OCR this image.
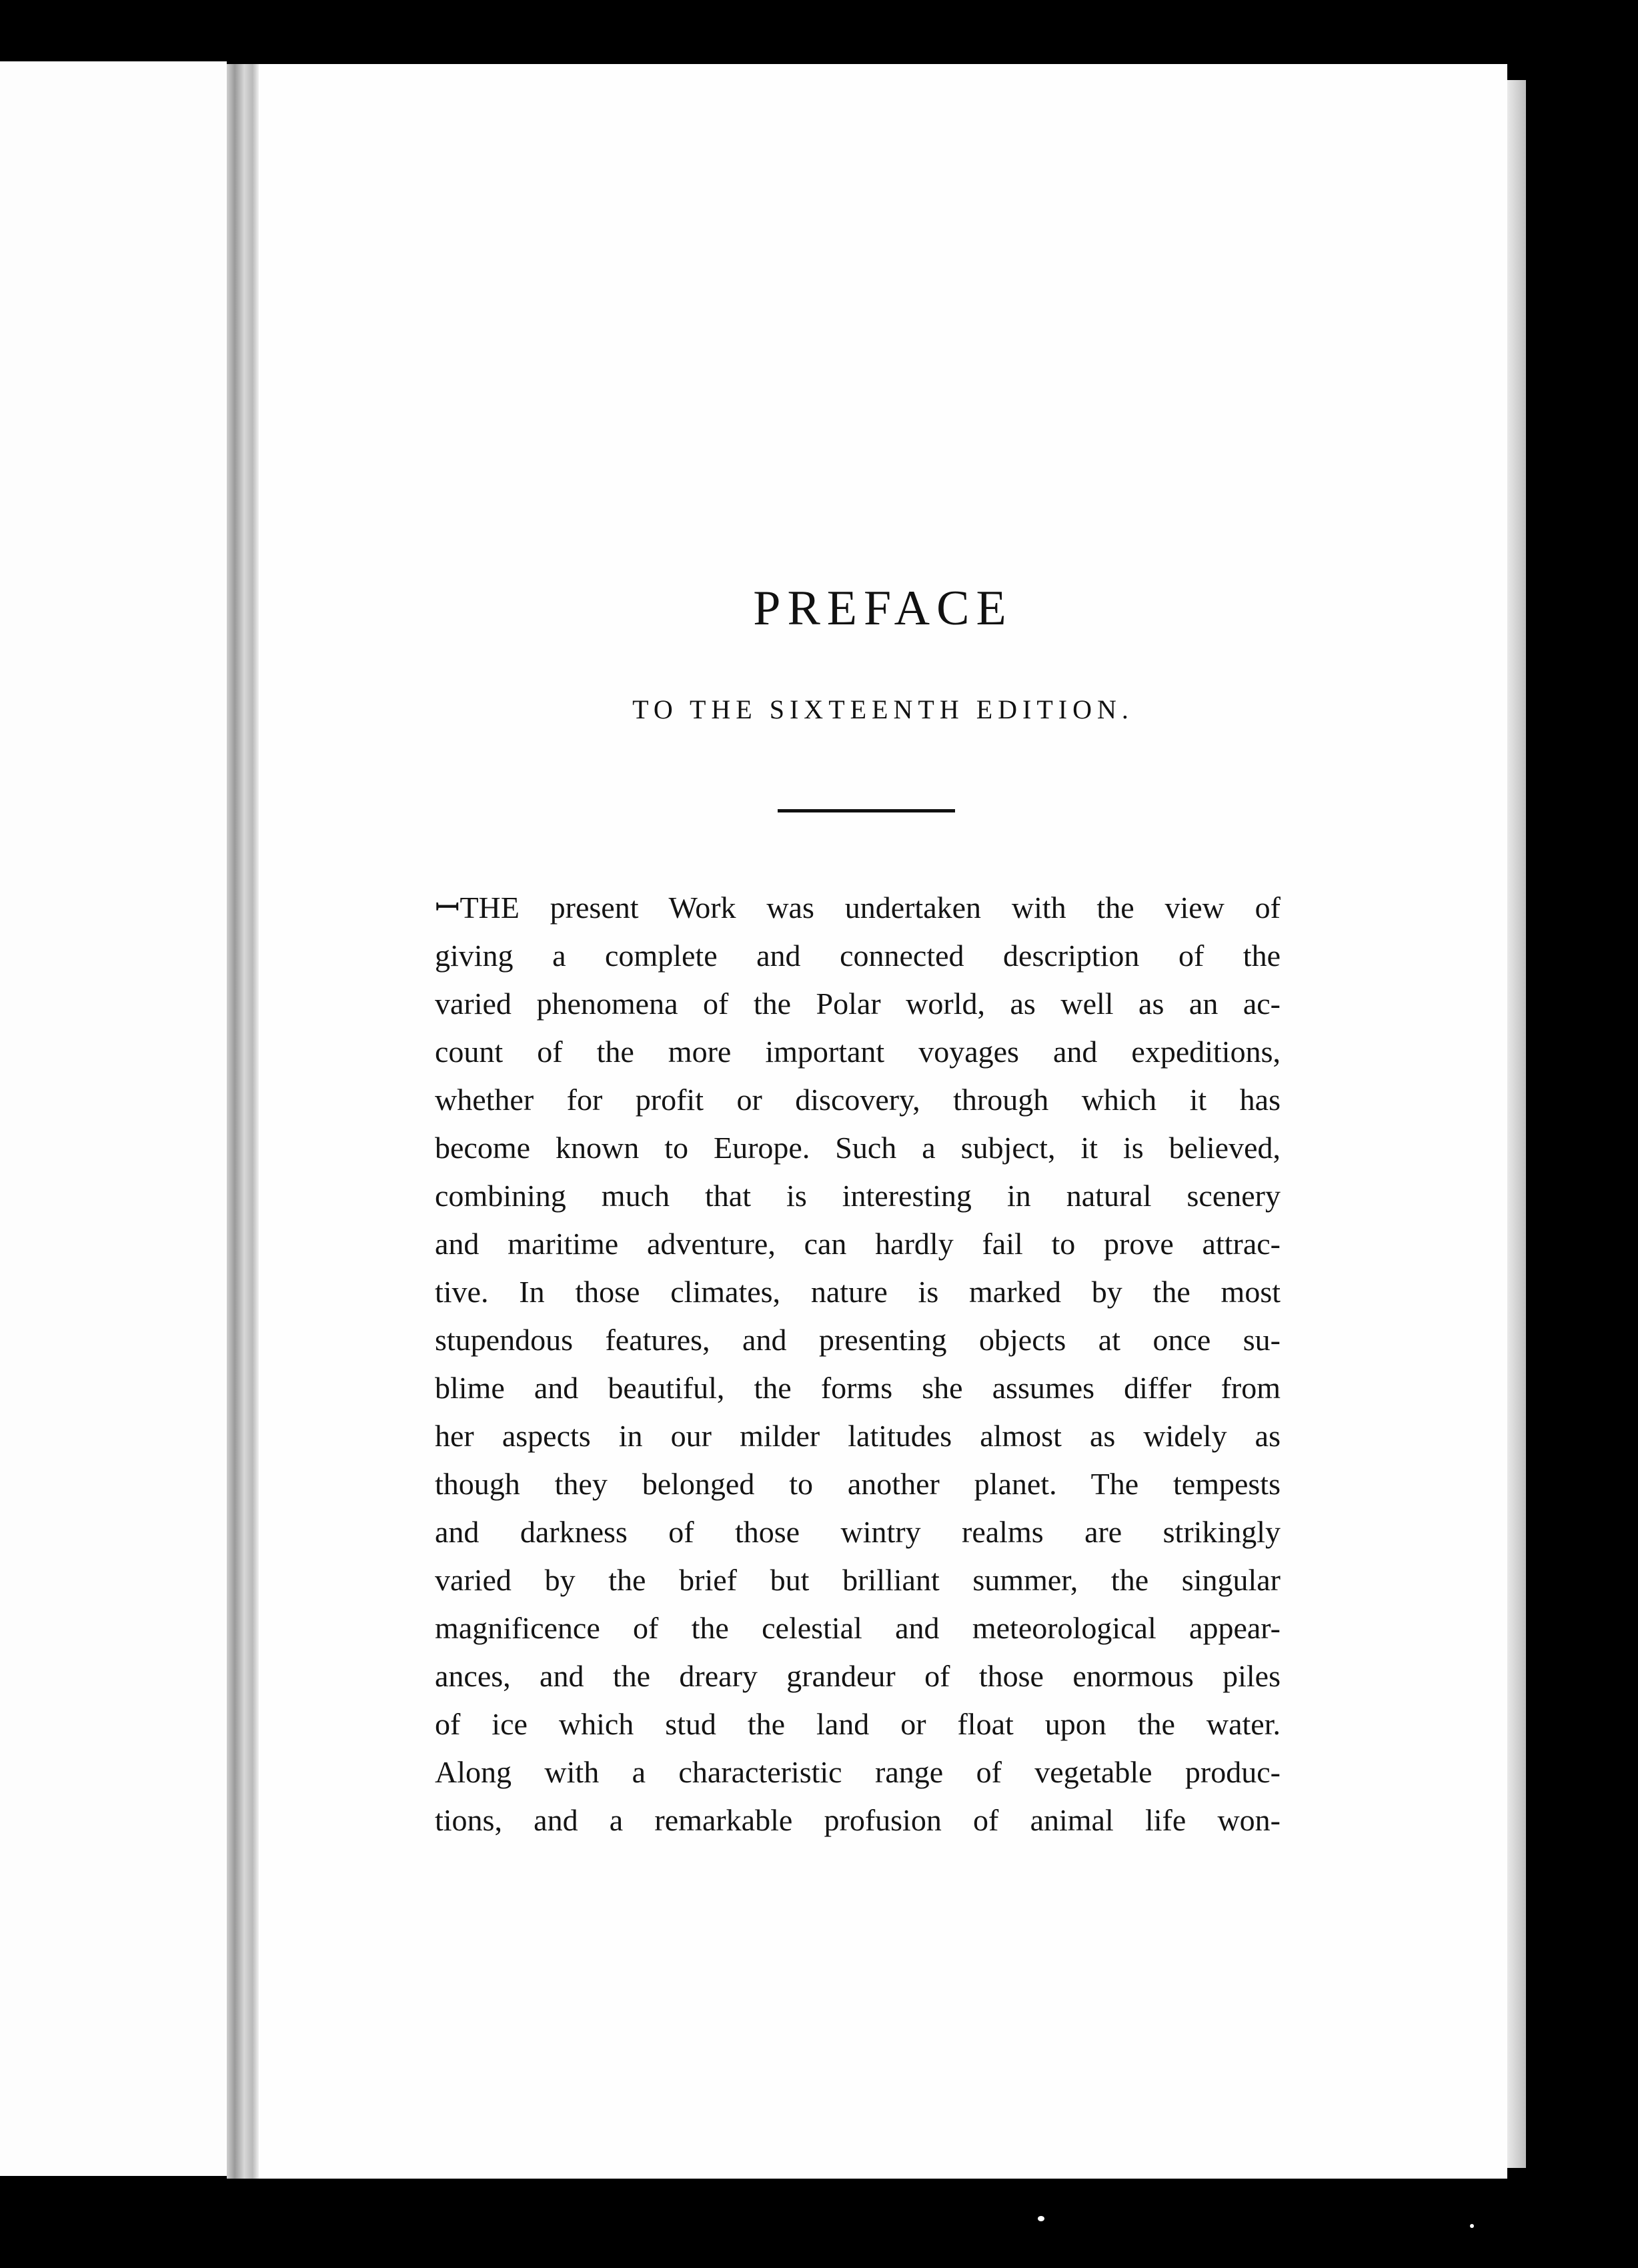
PREFACE
TO THE SIXTEENTH EDITION.
ꟷTHE present Work was undertaken with the view of
giving a complete and connected description of the
varied phenomena of the Polar world, as well as an ac-
count of the more important voyages and expeditions,
whether for profit or discovery, through which it has
become known to Europe. Such a subject, it is believed,
combining much that is interesting in natural scenery
and maritime adventure, can hardly fail to prove attrac-
tive. In those climates, nature is marked by the most
stupendous features, and presenting objects at once su-
blime and beautiful, the forms she assumes differ from
her aspects in our milder latitudes almost as widely as
though they belonged to another planet. The tempests
and darkness of those wintry realms are strikingly
varied by the brief but brilliant summer, the singular
magnificence of the celestial and meteorological appear-
ances, and the dreary grandeur of those enormous piles
of ice which stud the land or float upon the water.
Along with a characteristic range of vegetable produc-
tions, and a remarkable profusion of animal life won-
